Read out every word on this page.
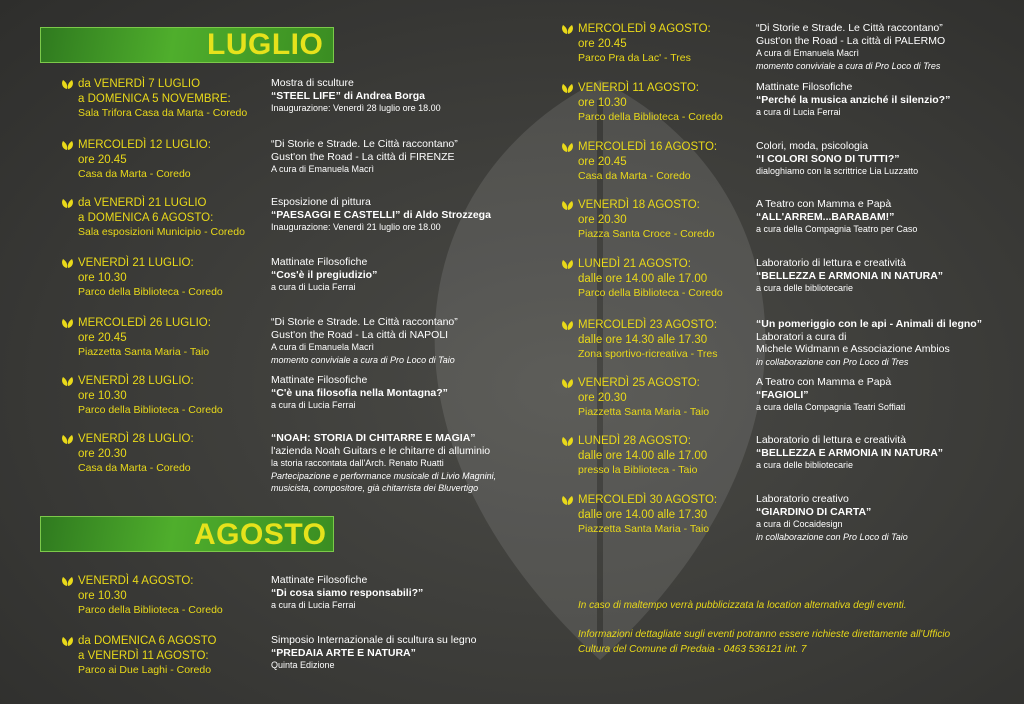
LUGLIO
AGOSTO
da VENERDÌ 7 LUGLIO
a DOMENICA 5 NOVEMBRE:
Sala Trifora Casa da Marta - Coredo
Mostra di sculture
“STEEL LIFE” di Andrea Borga
Inaugurazione: Venerdì 28 luglio ore 18.00
MERCOLEDÌ 12 LUGLIO:
ore 20.45
Casa da Marta - Coredo
“Di Storie e Strade. Le Città raccontano”
Gust'on the Road - La città di FIRENZE
A cura di Emanuela Macrì
da VENERDÌ 21 LUGLIO
a DOMENICA 6 AGOSTO:
Sala esposizioni Municipio - Coredo
Esposizione di pittura
“PAESAGGI E CASTELLI” di Aldo Strozzega
Inaugurazione: Venerdì 21 luglio ore 18.00
VENERDÌ 21 LUGLIO:
ore 10.30
Parco della Biblioteca - Coredo
Mattinate Filosofiche
“Cos'è il pregiudizio”
a cura di Lucia Ferrai
MERCOLEDÌ 26 LUGLIO:
ore 20.45
Piazzetta Santa Maria - Taio
“Di Storie e Strade. Le Città raccontano”
Gust'on the Road - La città di NAPOLI
A cura di Emanuela Macrì
momento conviviale a cura di Pro Loco di Taio
VENERDÌ 28 LUGLIO:
ore 10.30
Parco della Biblioteca - Coredo
Mattinate Filosofiche
“C'è una filosofia nella Montagna?”
a cura di Lucia Ferrai
VENERDÌ 28 LUGLIO:
ore 20.30
Casa da Marta - Coredo
“NOAH: STORIA DI CHITARRE E MAGIA”
l'azienda Noah Guitars e le chitarre di alluminio
la storia raccontata dall'Arch. Renato Ruatti
Partecipazione e performance musicale di Livio Magnini,
musicista, compositore, già chitarrista dei Bluvertigo
VENERDÌ 4 AGOSTO:
ore 10.30
Parco della Biblioteca - Coredo
Mattinate Filosofiche
“Di cosa siamo responsabili?”
a cura di Lucia Ferrai
da DOMENICA 6 AGOSTO
a VENERDÌ 11 AGOSTO:
Parco ai Due Laghi - Coredo
Simposio Internazionale di scultura su legno
“PREDAIA ARTE E NATURA”
Quinta Edizione
MERCOLEDÌ 9 AGOSTO:
ore 20.45
Parco Pra da Lac' - Tres
“Di Storie e Strade. Le Città raccontano”
Gust'on the Road - La città di PALERMO
A cura di Emanuela Macrì
momento conviviale a cura di Pro Loco di Tres
VENERDÌ 11 AGOSTO:
ore 10.30
Parco della Biblioteca - Coredo
Mattinate Filosofiche
“Perché la musica anziché il silenzio?”
a cura di Lucia Ferrai
MERCOLEDÌ 16 AGOSTO:
ore 20.45
Casa da Marta - Coredo
Colori, moda, psicologia
“I COLORI SONO DI TUTTI?”
dialoghiamo con la scrittrice Lia Luzzatto
VENERDÌ 18 AGOSTO:
ore 20.30
Piazza Santa Croce - Coredo
A Teatro con Mamma e Papà
“ALL'ARREM...BARABAM!”
a cura della Compagnia Teatro per Caso
LUNEDÌ 21 AGOSTO:
dalle ore 14.00 alle 17.00
Parco della Biblioteca - Coredo
Laboratorio di lettura e creatività
“BELLEZZA E ARMONIA IN NATURA”
a cura delle bibliotecarie
MERCOLEDÌ 23 AGOSTO:
dalle ore 14.30 alle 17.30
Zona sportivo-ricreativa - Tres
“Un pomeriggio con le api - Animali di legno”
Laboratori a cura di
Michele Widmann e Associazione Ambios
in collaborazione con Pro Loco di Tres
VENERDÌ 25 AGOSTO:
ore 20.30
Piazzetta Santa Maria - Taio
A Teatro con Mamma e Papà
“FAGIOLI”
a cura della Compagnia Teatri Soffiati
LUNEDÌ 28 AGOSTO:
dalle ore 14.00 alle 17.00
presso la Biblioteca - Taio
Laboratorio di lettura e creatività
“BELLEZZA E ARMONIA IN NATURA”
a cura delle bibliotecarie
MERCOLEDÌ 30 AGOSTO:
dalle ore 14.00 alle 17.30
Piazzetta Santa Maria - Taio
Laboratorio creativo
“GIARDINO DI CARTA”
a cura di Cocaidesign
in collaborazione con Pro Loco di Taio
In caso di maltempo verrà pubblicizzata la location alternativa degli eventi.
Informazioni dettagliate sugli eventi potranno essere richieste direttamente all'Ufficio
Cultura del Comune di Predaia - 0463 536121 int. 7
